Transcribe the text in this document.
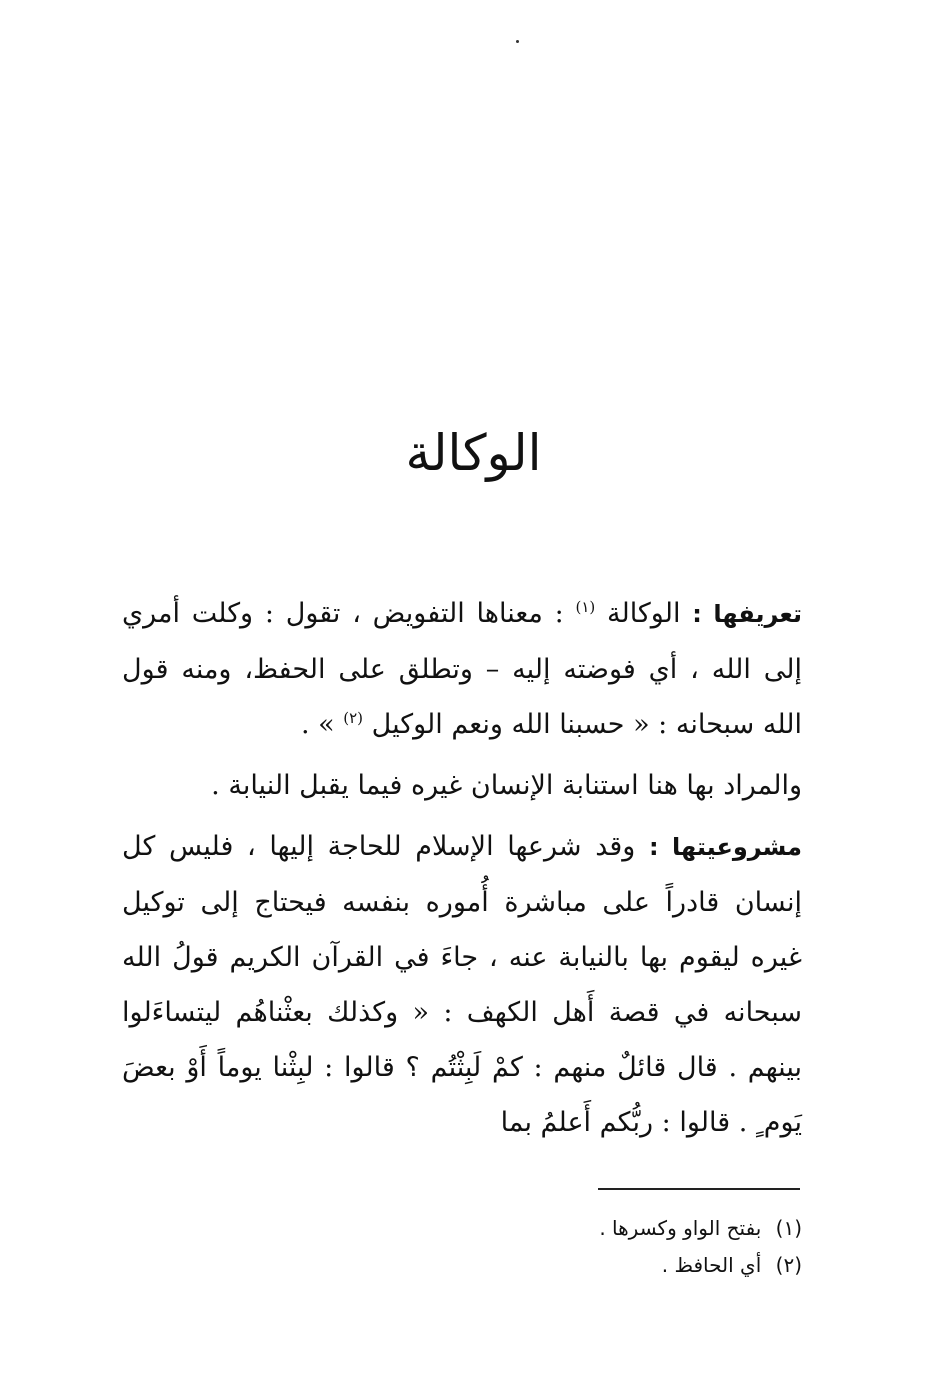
الوكالة

تعريفها : الوكالة $^{(١)}$ : معناها التفويض ، تقول : وكلت أمري إلى الله ، أي فوضته إليه – وتطلق على الحفظ، ومنه قول الله سبحانه : « حسبنا الله ونعم الوكيل $^{(٢)}$ » .

والمراد بها هنا استنابة الإنسان غيره فيما يقبل النيابة .

مشروعيتها : وقد شرعها الإسلام للحاجة إليها ، فليس كل إنسان قادراً على مباشرة أُموره بنفسه فيحتاج إلى توكيل غيره ليقوم بها بالنيابة عنه ، جاءَ في القرآن الكريم قولُ الله سبحانه في قصة أَهل الكهف : « وكذلك بعثْناهُم ليتساءَلوا بينهم . قال قائلٌ منهم : كمْ لَبِثْتُم ؟ قالوا : لبِثْنا يوماً أَوْ بعضَ يَوم ٍ . قالوا : ربُّكم أَعلمُ بما

(١) بفتح الواو وكسرها .

(٢) أي الحافظ .
